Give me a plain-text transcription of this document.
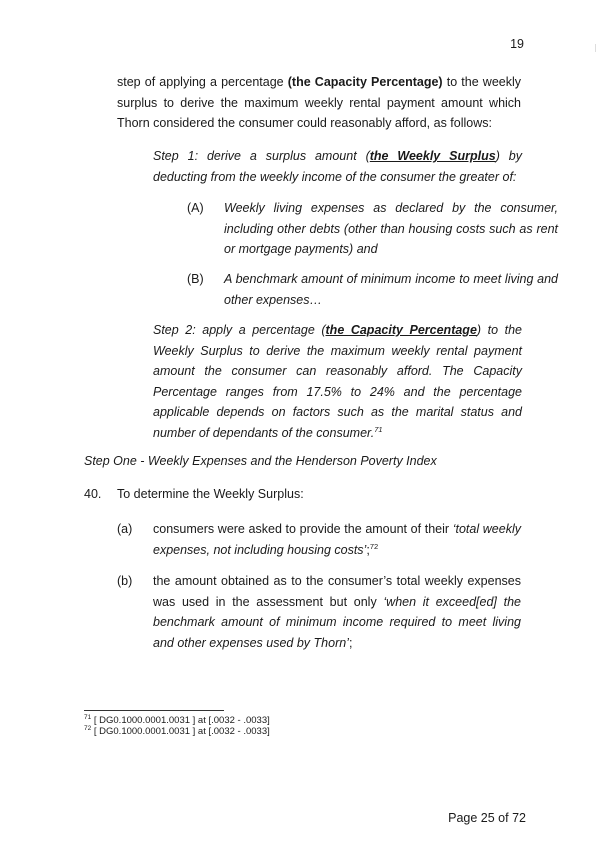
19

step of applying a percentage (the Capacity Percentage) to the weekly surplus to derive the maximum weekly rental payment amount which Thorn considered the consumer could reasonably afford, as follows:

Step 1: derive a surplus amount (the Weekly Surplus) by deducting from the weekly income of the consumer the greater of:

(A) Weekly living expenses as declared by the consumer, including other debts (other than housing costs such as rent or mortgage payments) and
(B) A benchmark amount of minimum income to meet living and other expenses…

Step 2: apply a percentage (the Capacity Percentage) to the Weekly Surplus to derive the maximum weekly rental payment amount the consumer can reasonably afford. The Capacity Percentage ranges from 17.5% to 24% and the percentage applicable depends on factors such as the marital status and number of dependants of the consumer.$^{71}$

Step One - Weekly Expenses and the Henderson Poverty Index
40. To determine the Weekly Surplus:
(a) consumers were asked to provide the amount of their ‘total weekly expenses, not including housing costs’;$^{72}$
(b) the amount obtained as to the consumer’s total weekly expenses was used in the assessment but only ‘when it exceed[ed] the benchmark amount of minimum income required to meet living and other expenses used by Thorn’;
$^{71}$ [ DG0.1000.0001.0031 ] at [.0032 - .0033]
$^{72}$ [ DG0.1000.0001.0031 ] at [.0032 - .0033]
Page 25 of 72
